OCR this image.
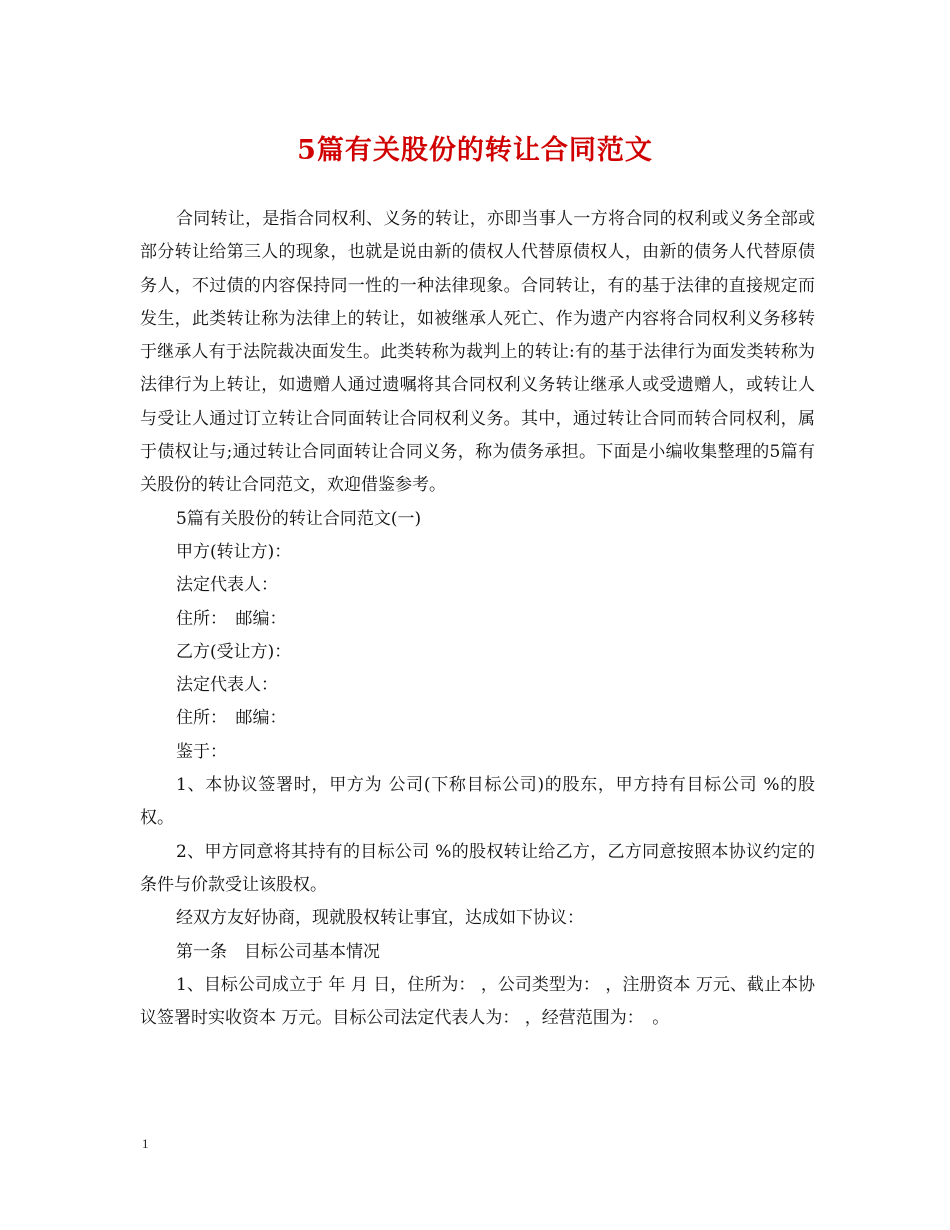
5篇有关股份的转让合同范文

合同转让，是指合同权利、义务的转让，亦即当事人一方将合同的权利或义务全部或部分转让给第三人的现象，也就是说由新的债权人代替原债权人，由新的债务人代替原债务人，不过债的内容保持同一性的一种法律现象。合同转让，有的基于法律的直接规定而发生，此类转让称为法律上的转让，如被继承人死亡、作为遗产内容将合同权利义务移转于继承人有于法院裁决面发生。此类转称为裁判上的转让:有的基于法律行为面发类转称为法律行为上转让，如遗赠人通过遗嘱将其合同权利义务转让继承人或受遗赠人，或转让人与受让人通过订立转让合同面转让合同权利义务。其中，通过转让合同而转合同权利，属于债权让与;通过转让合同面转让合同义务，称为债务承担。下面是小编收集整理的5篇有关股份的转让合同范文，欢迎借鉴参考。

5篇有关股份的转让合同范文(一)

甲方(转让方)：

法定代表人：

住所：　邮编：

乙方(受让方)：

法定代表人：

住所：　邮编：

鉴于：

1、本协议签署时，甲方为 公司(下称目标公司)的股东，甲方持有目标公司 %的股权。

2、甲方同意将其持有的目标公司 %的股权转让给乙方，乙方同意按照本协议约定的条件与价款受让该股权。

经双方友好协商，现就股权转让事宜，达成如下协议：

第一条　目标公司基本情况

1、目标公司成立于 年 月 日，住所为： ，公司类型为： ，注册资本 万元、截止本协议签署时实收资本 万元。目标公司法定代表人为： ，经营范围为：　。

1
